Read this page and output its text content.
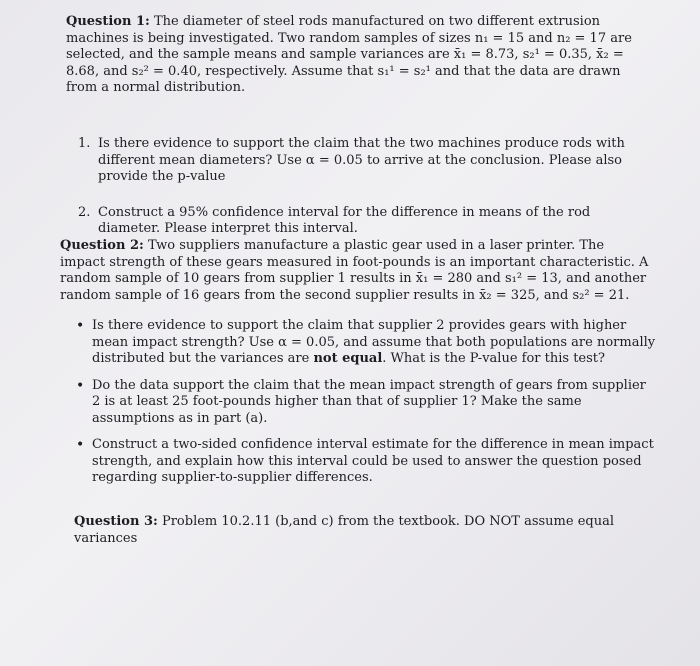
Question 1: The diameter of steel rods manufactured on two different extrusion machines is being investigated. Two random samples of sizes n₁ = 15 and n₂ = 17 are selected, and the sample means and sample variances are x̄₁ = 8.73, s₂¹ = 0.35, x̄₂ = 8.68, and s₂² = 0.40, respectively. Assume that s₁¹ = s₂¹ and that the data are drawn from a normal distribution.
1. Is there evidence to support the claim that the two machines produce rods with different mean diameters? Use α = 0.05 to arrive at the conclusion. Please also provide the p-value
2. Construct a 95% confidence interval for the difference in means of the rod diameter. Please interpret this interval.
Question 2: Two suppliers manufacture a plastic gear used in a laser printer. The impact strength of these gears measured in foot-pounds is an important characteristic. A random sample of 10 gears from supplier 1 results in x̄₁ = 280 and s₁² = 13, and another random sample of 16 gears from the second supplier results in x̄₂ = 325, and s₂² = 21.
• Is there evidence to support the claim that supplier 2 provides gears with higher mean impact strength? Use α = 0.05, and assume that both populations are normally distributed but the variances are not equal. What is the P-value for this test?
• Do the data support the claim that the mean impact strength of gears from supplier 2 is at least 25 foot-pounds higher than that of supplier 1? Make the same assumptions as in part (a).
• Construct a two-sided confidence interval estimate for the difference in mean impact strength, and explain how this interval could be used to answer the question posed regarding supplier-to-supplier differences.
Question 3: Problem 10.2.11 (b,and c) from the textbook. DO NOT assume equal variances
